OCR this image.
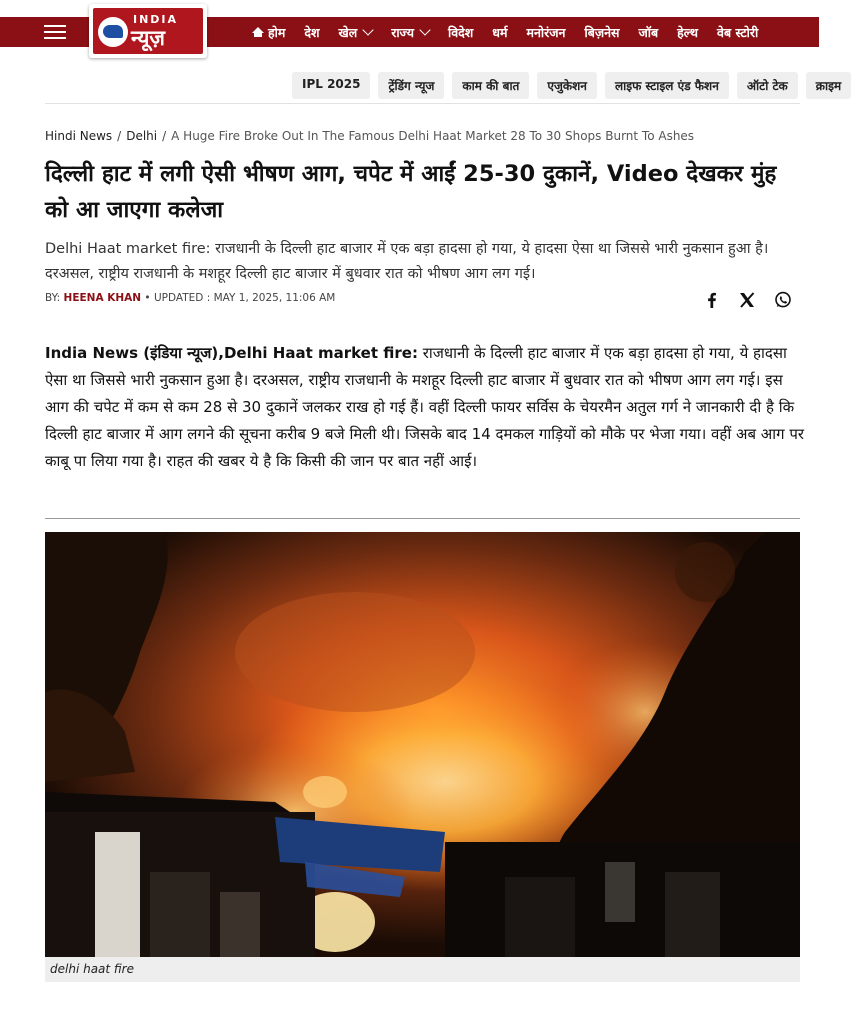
INDIA
न्यूज़	होम देश खेल	राज्य	विदेश धर्म मनोरंजन बिज़नेस जॉब हेल्थ वेब स्टोरी
IPL 2025	ट्रेंडिंग न्यूज	काम की बात	एजुकेशन	लाइफ स्टाइल एंड फैशन	ऑटो टेक	क्राइम
Hindi News / Delhi / A Huge Fire Broke Out In The Famous Delhi Haat Market 28 To 30 Shops Burnt To Ashes
दिल्ली हाट में लगी ऐसी भीषण आग, चपेट में आईं 25-30 दुकानें, Video देखकर मुंह को आ जाएगा कलेजा

Delhi Haat market fire: राजधानी के दिल्ली हाट बाजार में एक बड़ा हादसा हो गया, ये हादसा ऐसा था जिससे भारी नुकसान हुआ है। दरअसल, राष्ट्रीय राजधानी के मशहूर दिल्ली हाट बाजार में बुधवार रात को भीषण आग लग गई।

BY: HEENA KHAN • UPDATED : MAY 1, 2025, 11:06 AM

India News (इंडिया न्यूज),Delhi Haat market fire: राजधानी के दिल्ली हाट बाजार में एक बड़ा हादसा हो गया, ये हादसा ऐसा था जिससे भारी नुकसान हुआ है। दरअसल, राष्ट्रीय राजधानी के मशहूर दिल्ली हाट बाजार में बुधवार रात को भीषण आग लग गई। इस आग की चपेट में कम से कम 28 से 30 दुकानें जलकर राख हो गई हैं। वहीं दिल्ली फायर सर्विस के चेयरमैन अतुल गर्ग ने जानकारी दी है कि दिल्ली हाट बाजार में आग लगने की सूचना करीब 9 बजे मिली थी। जिसके बाद 14 दमकल गाड़ियों को मौके पर भेजा गया। वहीं अब आग पर काबू पा लिया गया है। राहत की खबर ये है कि किसी की जान पर बात नहीं आई।

delhi haat fire
